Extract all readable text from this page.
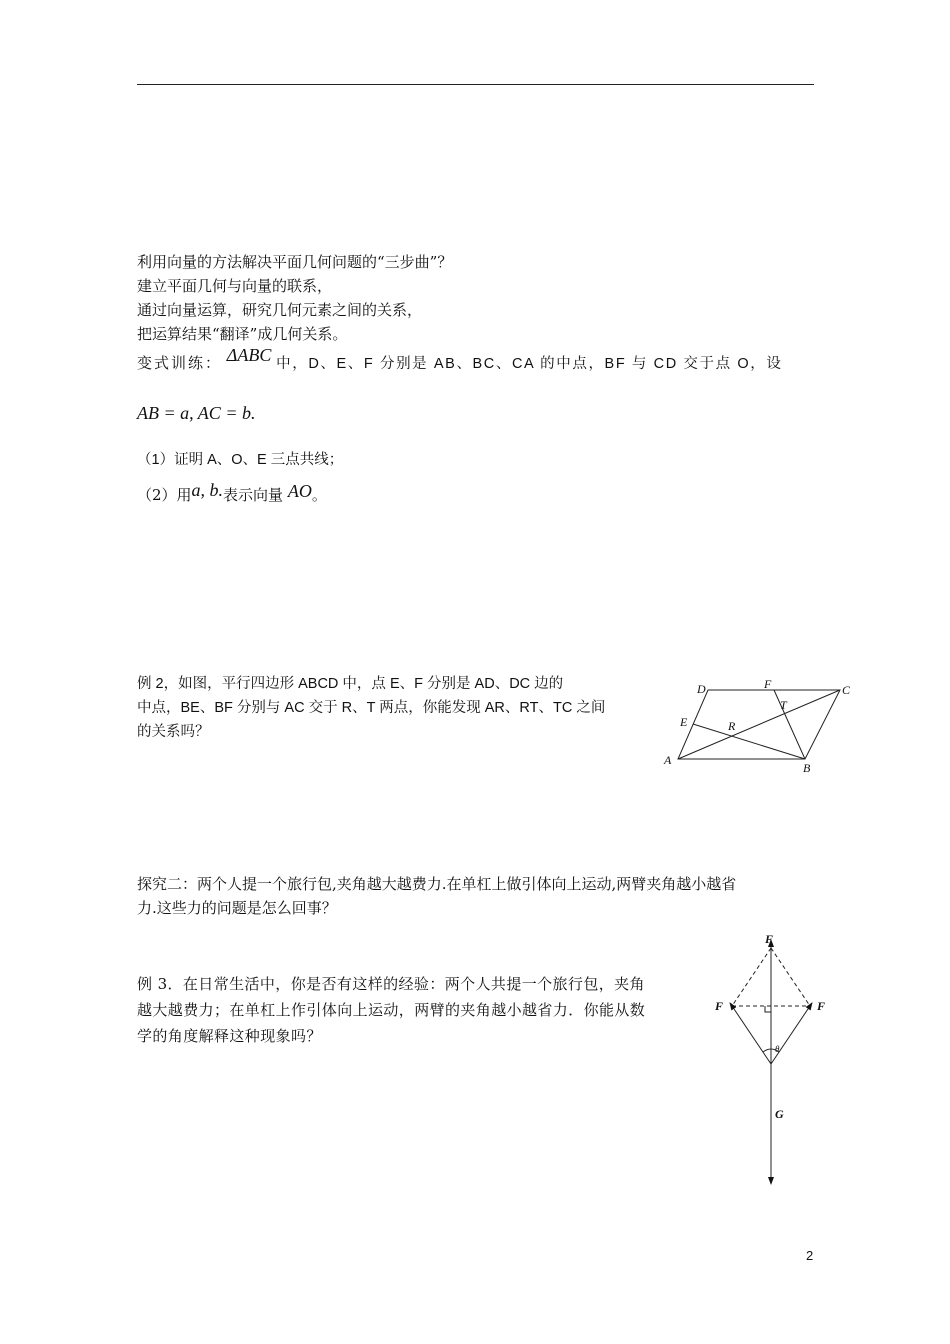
利用向量的方法解决平面几何问题的“三步曲”？
建立平面几何与向量的联系，
通过向量运算，研究几何元素之间的关系，
把运算结果“翻译”成几何关系。
变式训练： ΔABC 中，D、E、F 分别是 AB、BC、CA 的中点，BF 与 CD 交于点 O，设
AB = a, AC = b.
（1）证明 A、O、E 三点共线；
（2）用a, b.表示向量 AO。
例 2，如图，平行四边形 ABCD 中，点 E、F 分别是 AD、DC 边的
中点，BE、BF 分别与 AC 交于 R、T 两点，你能发现 AR、RT、TC 之间
的关系吗？
D	F	C
T
E	R
A
B
探究二：两个人提一个旅行包,夹角越大越费力.在单杠上做引体向上运动,两臂夹角越小越省
力.这些力的问题是怎么回事？
例 3．在日常生活中，你是否有这样的经验：两个人共提一个旅行包，夹角
越大越费力；在单杠上作引体向上运动，两臂的夹角越小越省力．你能从数
学的角度解释这种现象吗？
F
F	F
θ
G
2
